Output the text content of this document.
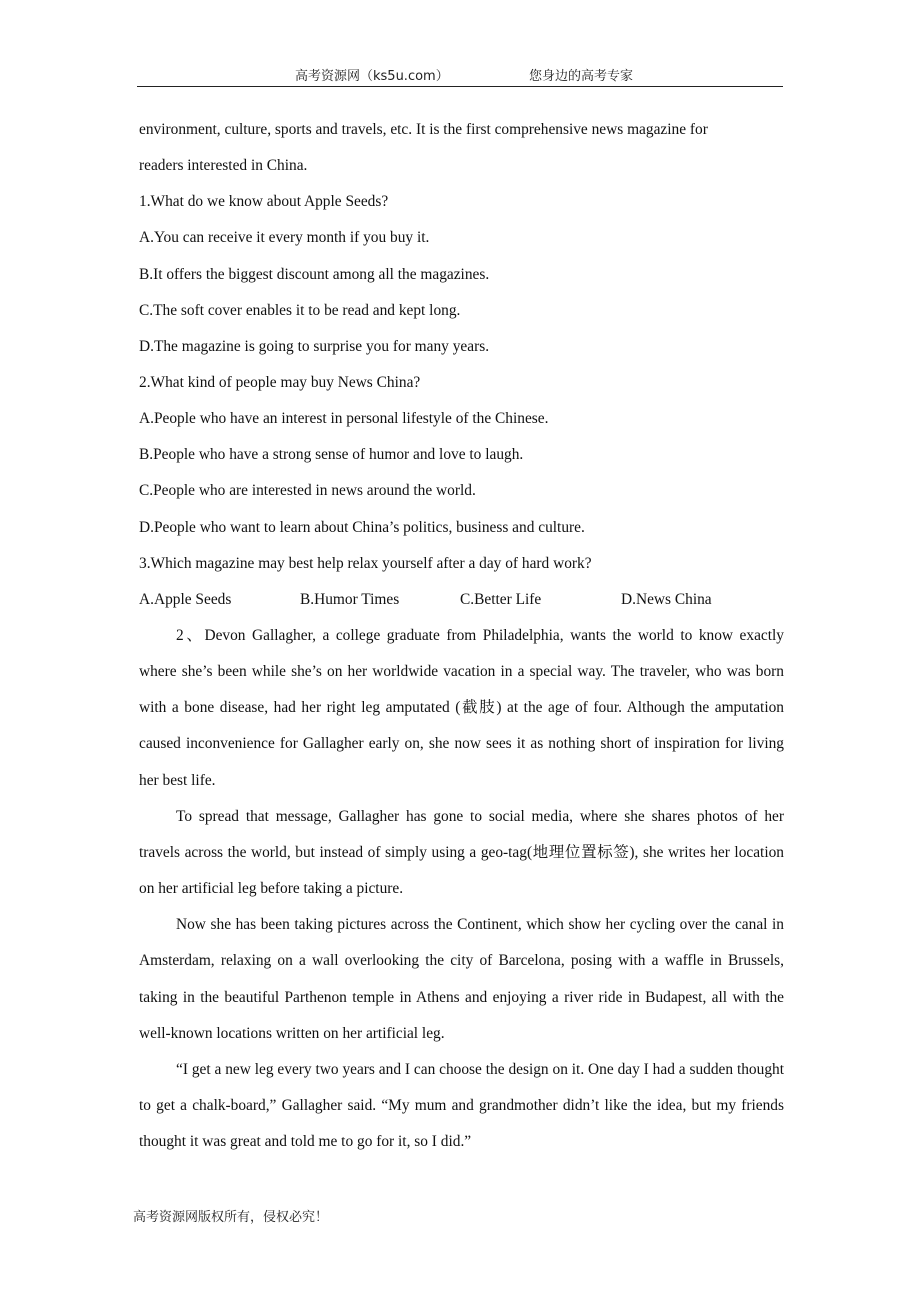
高考资源网（ks5u.com）	您身边的高考专家
environment, culture, sports and travels, etc. It is the first comprehensive news magazine for
readers interested in China.
1.What do we know about Apple Seeds?
A.You can receive it every month if you buy it.
B.It offers the biggest discount among all the magazines.
C.The soft cover enables it to be read and kept long.
D.The magazine is going to surprise you for many years.
2.What kind of people may buy News China?
A.People who have an interest in personal lifestyle of the Chinese.
B.People who have a strong sense of humor and love to laugh.
C.People who are interested in news around the world.
D.People who want to learn about China’s politics, business and culture.
3.Which magazine may best help relax yourself after a day of hard work?
A.Apple Seeds	B.Humor Times	C.Better Life	D.News China

2、Devon Gallagher, a college graduate from Philadelphia, wants the world to know exactly where she’s been while she’s on her worldwide vacation in a special way. The traveler, who was born with a bone disease, had her right leg amputated (截肢) at the age of four. Although the amputation caused inconvenience for Gallagher early on, she now sees it as nothing short of inspiration for living her best life.

To spread that message, Gallagher has gone to social media, where she shares photos of her travels across the world, but instead of simply using a geo-tag(地理位置标签), she writes her location on her artificial leg before taking a picture.

Now she has been taking pictures across the Continent, which show her cycling over the canal in Amsterdam, relaxing on a wall overlooking the city of Barcelona, posing with a waffle in Brussels, taking in the beautiful Parthenon temple in Athens and enjoying a river ride in Budapest, all with the well-known locations written on her artificial leg.

“I get a new leg every two years and I can choose the design on it. One day I had a sudden thought to get a chalk-board,” Gallagher said. “My mum and grandmother didn’t like the idea, but my friends thought it was great and told me to go for it, so I did.”

高考资源网版权所有，侵权必究！
